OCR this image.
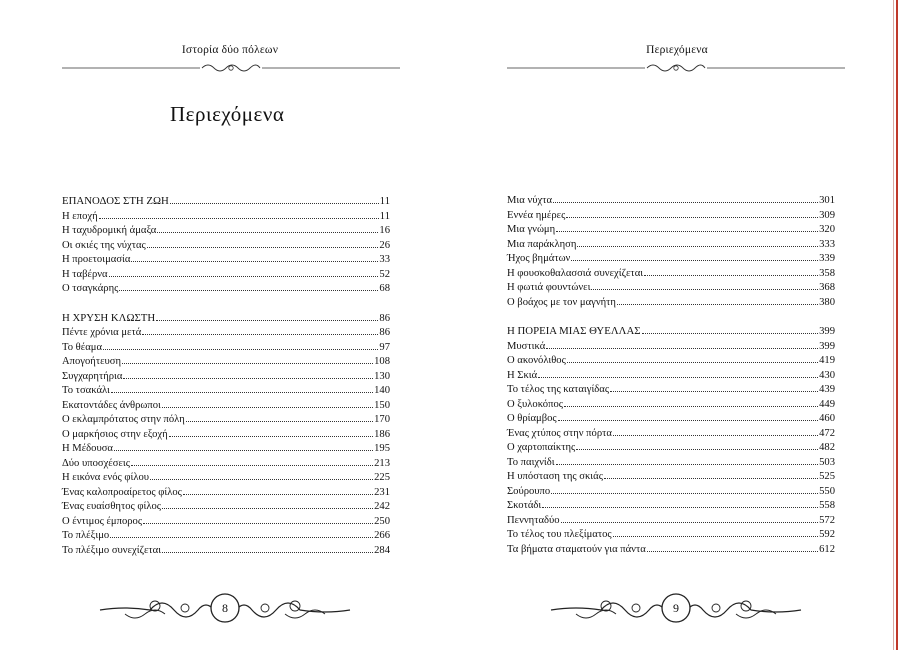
Ιστορία δύο πόλεων
Περιεχόμενα
ΕΠΑΝΟΔΟΣ ΣΤΗ ΖΩΗ	11
Η εποχή	11
Η ταχυδρομική άμαξα	16
Οι σκιές της νύχτας	26
Η προετοιμασία	33
Η ταβέρνα	52
Ο τσαγκάρης	68
Η ΧΡΥΣΗ ΚΛΩΣΤΗ	86
Πέντε χρόνια μετά	86
Το θέαμα	97
Απογοήτευση	108
Συγχαρητήρια	130
Το τσακάλι	140
Εκατοντάδες άνθρωποι	150
Ο εκλαμπρότατος στην πόλη	170
Ο μαρκήσιος στην εξοχή	186
Η Μέδουσα	195
Δύο υποσχέσεις	213
Η εικόνα ενός φίλου	225
Ένας καλοπροαίρετος φίλος	231
Ένας ευαίσθητος φίλος	242
Ο έντιμος έμπορος	250
Το πλέξιμο	266
Το πλέξιμο συνεχίζεται	284
8
Περιεχόμενα
Μια νύχτα	301
Εννέα ημέρες	309
Μια γνώμη	320
Μια παράκληση	333
Ήχος βημάτων	339
Η φουσκοθαλασσιά συνεχίζεται	358
Η φωτιά φουντώνει	368
Ο βοάχος με τον μαγνήτη	380
Η ΠΟΡΕΙΑ ΜΙΑΣ ΘΥΕΛΛΑΣ	399
Μυστικά	399
Ο ακονόλιθος	419
Η Σκιά	430
Το τέλος της καταιγίδας	439
Ο ξυλοκόπος	449
Ο θρίαμβος	460
Ένας χτύπος στην πόρτα	472
Ο χαρτοπαίκτης	482
Το παιχνίδι	503
Η υπόσταση της σκιάς	525
Σούρουπο	550
Σκοτάδι	558
Πεννηταδύο	572
Το τέλος του πλεξίματος	592
Τα βήματα σταματούν για πάντα	612
9
